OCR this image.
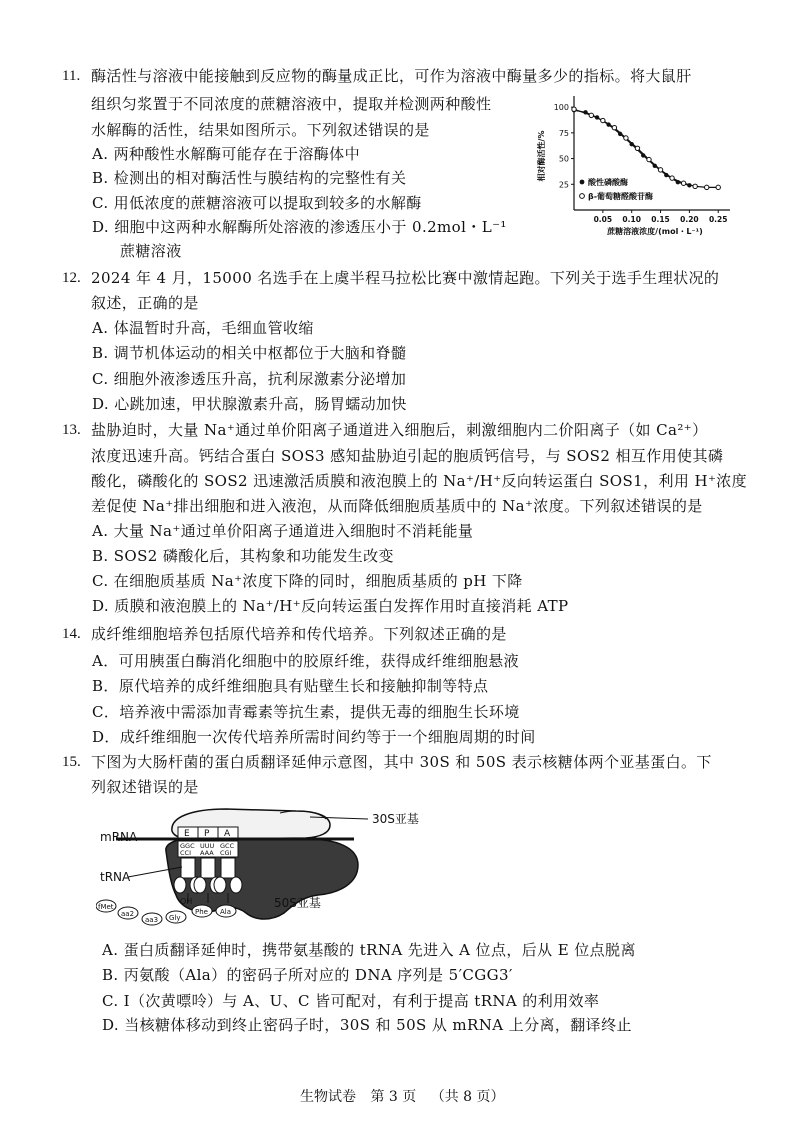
11. 酶活性与溶液中能接触到反应物的酶量成正比，可作为溶液中酶量多少的指标。将大鼠肝
组织匀浆置于不同浓度的蔗糖溶液中，提取并检测两种酸性
水解酶的活性，结果如图所示。下列叙述错误的是
A. 两种酸性水解酶可能存在于溶酶体中
B. 检测出的相对酶活性与膜结构的完整性有关
C. 用低浓度的蔗糖溶液可以提取到较多的水解酶
D. 细胞中这两种水解酶所处溶液的渗透压小于 0.2mol・L⁻¹
蔗糖溶液
25
50
75
100
0.05 0.10 0.15 0.20 0.25
蔗糖溶液浓度/(mol・L⁻¹)
相对酶活性/%
酸性磷酸酶
β-葡萄糖醛酸苷酶
12. 2024 年 4 月，15000 名选手在上虞半程马拉松比赛中激情起跑。下列关于选手生理状况的
叙述，正确的是
A. 体温暂时升高，毛细血管收缩
B. 调节机体运动的相关中枢都位于大脑和脊髓
C. 细胞外液渗透压升高，抗利尿激素分泌增加
D. 心跳加速，甲状腺激素升高，肠胃蠕动加快
13. 盐胁迫时，大量 Na⁺通过单价阳离子通道进入细胞后，刺激细胞内二价阳离子（如 Ca²⁺）
浓度迅速升高。钙结合蛋白 SOS3 感知盐胁迫引起的胞质钙信号，与 SOS2 相互作用使其磷
酸化，磷酸化的 SOS2 迅速激活质膜和液泡膜上的 Na⁺/H⁺反向转运蛋白 SOS1，利用 H⁺浓度
差促使 Na⁺排出细胞和进入液泡，从而降低细胞质基质中的 Na⁺浓度。下列叙述错误的是
A. 大量 Na⁺通过单价阳离子通道进入细胞时不消耗能量
B. SOS2 磷酸化后，其构象和功能发生改变
C. 在细胞质基质 Na⁺浓度下降的同时，细胞质基质的 pH 下降
D. 质膜和液泡膜上的 Na⁺/H⁺反向转运蛋白发挥作用时直接消耗 ATP
14. 成纤维细胞培养包括原代培养和传代培养。下列叙述正确的是
A．可用胰蛋白酶消化细胞中的胶原纤维，获得成纤维细胞悬液
B．原代培养的成纤维细胞具有贴壁生长和接触抑制等特点
C．培养液中需添加青霉素等抗生素，提供无毒的细胞生长环境
D．成纤维细胞一次传代培养所需时间约等于一个细胞周期的时间
15. 下图为大肠杆菌的蛋白质翻译延伸示意图，其中 30S 和 50S 表示核糖体两个亚基蛋白。下
列叙述错误的是
E P A
GGC UUU GCC
CCI AAA CGI
mRNA
tRNA
30S亚基
50S亚基
OH
fMet
aa2
aa3 Gly
Phe Ala
A. 蛋白质翻译延伸时，携带氨基酸的 tRNA 先进入 A 位点，后从 E 位点脱离
B. 丙氨酸（Ala）的密码子所对应的 DNA 序列是 5′CGG3′
C. I（次黄嘌呤）与 A、U、C 皆可配对，有利于提高 tRNA 的利用效率
D. 当核糖体移动到终止密码子时，30S 和 50S 从 mRNA 上分离，翻译终止
生物试卷 第 3 页 （共 8 页）
